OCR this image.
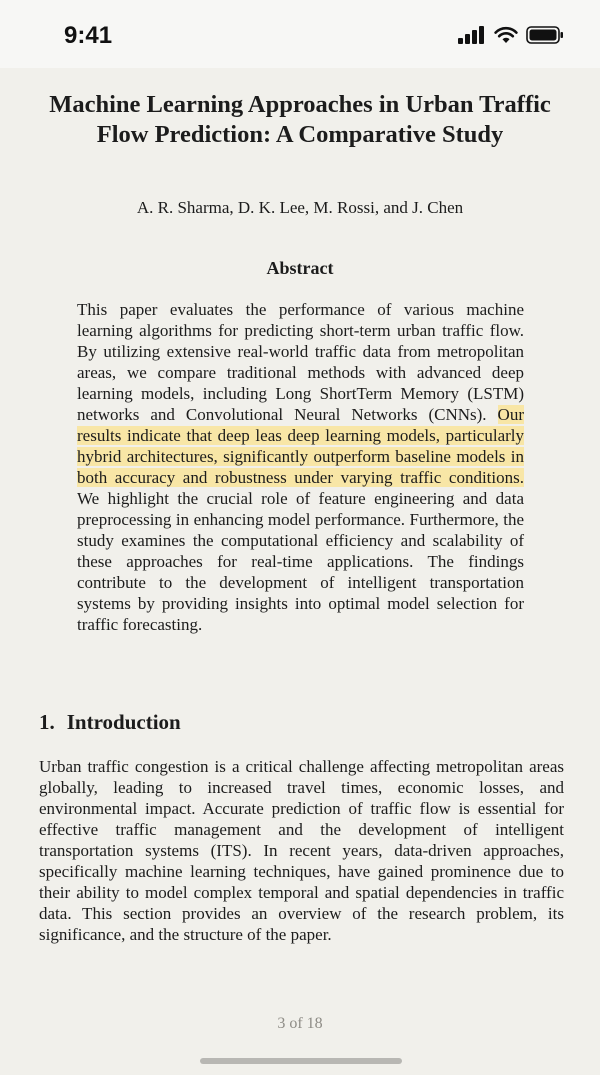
9:41
Machine Learning Approaches in Urban Traffic Flow Prediction: A Comparative Study
A. R. Sharma, D. K. Lee, M. Rossi, and J. Chen
Abstract

This paper evaluates the performance of various machine learning algorithms for predicting short-term urban traffic flow. By utilizing extensive real-world traffic data from metropolitan areas, we compare traditional methods with advanced deep learning models, including Long ShortTerm Memory (LSTM) networks and Convolutional Neural Networks (CNNs). Our results indicate that deep leas deep learning models, particularly hybrid architectures, significantly outperform baseline models in both accuracy and robustness under varying traffic conditions. We highlight the crucial role of feature engineering and data preprocessing in enhancing model performance. Furthermore, the study examines the computational efficiency and scalability of these approaches for real-time applications. The findings contribute to the development of intelligent transportation systems by providing insights into optimal model selection for traffic forecasting.

1. Introduction

Urban traffic congestion is a critical challenge affecting metropolitan areas globally, leading to increased travel times, economic losses, and environmental impact. Accurate prediction of traffic flow is essential for effective traffic management and the development of intelligent transportation systems (ITS). In recent years, data-driven approaches, specifically machine learning techniques, have gained prominence due to their ability to model complex temporal and spatial dependencies in traffic data. This section provides an overview of the research problem, its significance, and the structure of the paper.

3 of 18
